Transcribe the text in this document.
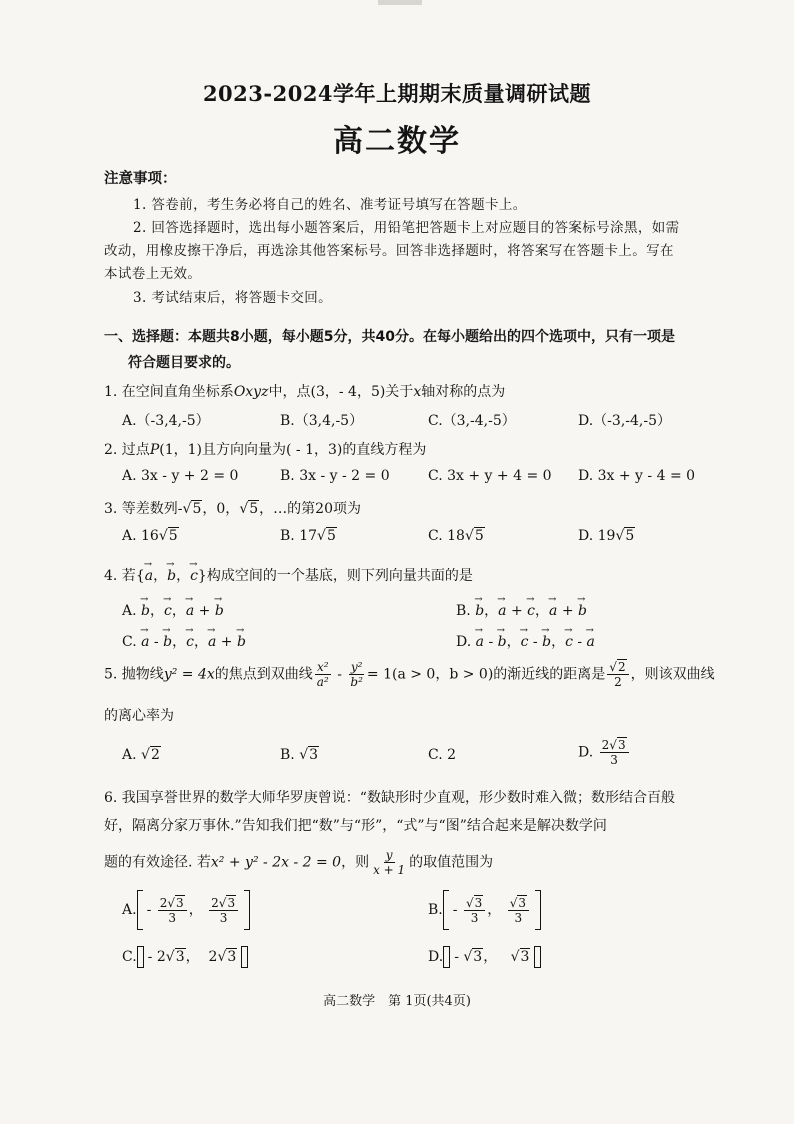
2023-2024学年上期期末质量调研试题
高二数学
注意事项：
1. 答卷前，考生务必将自己的姓名、准考证号填写在答题卡上。
2. 回答选择题时，选出每小题答案后，用铅笔把答题卡上对应题目的答案标号涂黑，如需
改动，用橡皮擦干净后，再选涂其他答案标号。回答非选择题时，将答案写在答题卡上。写在
本试卷上无效。
3. 考试结束后，将答题卡交回。
一、选择题：本题共8小题，每小题5分，共40分。在每小题给出的四个选项中，只有一项是
符合题目要求的。
1. 在空间直角坐标系Oxyz中，点(3，- 4，5)关于x轴对称的点为
A.（-3,4,-5）	B.（3,4,-5）	C.（3,-4,-5）	D.（-3,-4,-5）
2. 过点P(1，1)且方向向量为( - 1，3)的直线方程为
A. 3x - y + 2 = 0	B. 3x - y - 2 = 0	C. 3x + y + 4 = 0 D. 3x + y - 4 = 0
3. 等差数列-√5，0，√5，…的第20项为
A. 16√5	B. 17√5	C. 18√5	D. 19√5
4. 若{→ a，→ b，→ c}构成空间的一个基底，则下列向量共面的是
A. → b，→ c，→ a + → b	B. → b，→ a + → c，→ a + → b
C. → a - → b，→ c，→ a + → b	D. → a - → b，→ c - → b，→ c - → a
5. 抛物线y² = 4x的焦点到双曲线 $\frac{\text{x²}}{\text{a²}} - \frac{\text{y²}}{\text{b²}} = 1(a > 0$，b > 0)的渐近线的距离是 $\frac{√2}{2}$ ，则该双曲线
的离心率为
A. √2	B. √3	C. 2	D. $\frac{2√3}{3}$
6. 我国享誉世界的数学大师华罗庚曾说：“数缺形时少直观，形少数时难入微；数形结合百般
好，隔离分家万事休.”告知我们把“数”与“形”，“式”与“图”结合起来是解决数学问
题的有效途径. 若x² + y² - 2x - 2 = 0，则 $\frac{y}{x + 1}$ 的取值范围为
A. - $\frac{2√3}{3}$ ， $\frac{2√3}{3}$	B. - $\frac{√3}{3}$ ， $\frac{√3}{3}$
C. - 2√3， 2√3	D. - √3， √3
高二数学　第 1页(共4页)
